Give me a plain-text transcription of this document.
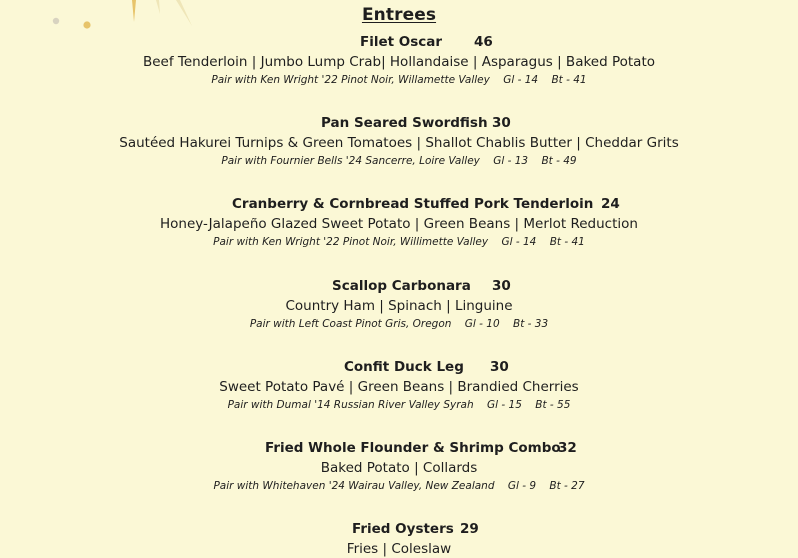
Entrees
Filet Oscar 46
Beef Tenderloin | Jumbo Lump Crab| Hollandaise | Asparagus | Baked Potato
Pair with Ken Wright '22 Pinot Noir, Willamette Valley Gl - 14 Bt - 41
Pan Seared Swordfish 30
Sautéed Hakurei Turnips & Green Tomatoes | Shallot Chablis Butter | Cheddar Grits
Pair with Fournier Bells '24 Sancerre, Loire Valley Gl - 13 Bt - 49
Cranberry & Cornbread Stuffed Pork Tenderloin 24
Honey-Jalapeño Glazed Sweet Potato | Green Beans | Merlot Reduction
Pair with Ken Wright '22 Pinot Noir, Willimette Valley Gl - 14 Bt - 41
Scallop Carbonara 30
Country Ham | Spinach | Linguine
Pair with Left Coast Pinot Gris, Oregon Gl - 10 Bt - 33
Confit Duck Leg 30
Sweet Potato Pavé | Green Beans | Brandied Cherries
Pair with Dumal '14 Russian River Valley Syrah Gl - 15 Bt - 55
Fried Whole Flounder & Shrimp Combo
32
Baked Potato | Collards
Pair with Whitehaven '24 Wairau Valley, New Zealand Gl - 9 Bt - 27
Fried Oysters 29
Fries | Coleslaw
